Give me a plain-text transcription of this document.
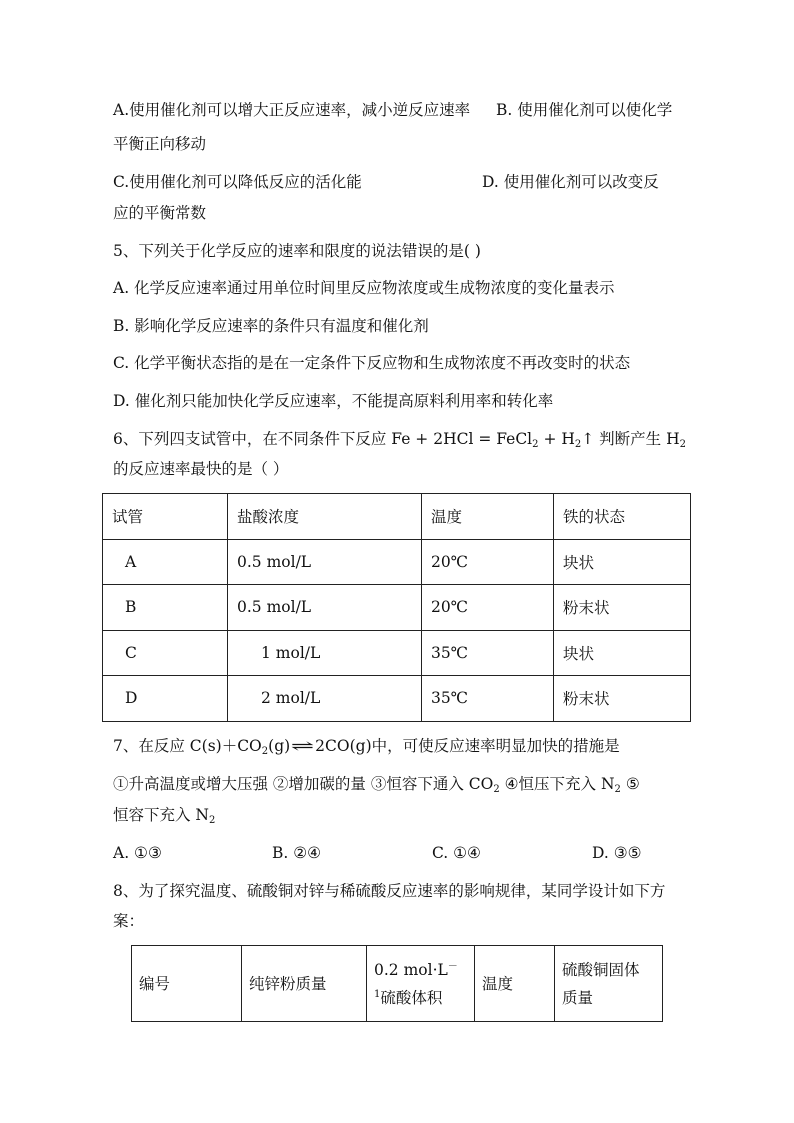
A.使用催化剂可以增大正反应速率，减小逆反应速率 B. 使用催化剂可以使化学
平衡正向移动
C.使用催化剂可以降低反应的活化能	D. 使用催化剂可以改变反
应的平衡常数
5、下列关于化学反应的速率和限度的说法错误的是( )
A. 化学反应速率通过用单位时间里反应物浓度或生成物浓度的变化量表示
B. 影响化学反应速率的条件只有温度和催化剂
C. 化学平衡状态指的是在一定条件下反应物和生成物浓度不再改变时的状态
D. 催化剂只能加快化学反应速率，不能提高原料利用率和转化率
6、下列四支试管中，在不同条件下反应 Fe + 2HCl = FeCl$_2$ + $H_2↑$ 判断产生 $H_2$
的反应速率最快的是（ ）
试管	盐酸浓度	温度	铁的状态
A	0.5 mol/L	20℃	块状
B	0.5 mol/L	20℃	粉末状
C	1 mol/L	35℃	块状
D	2 mol/L	35℃	粉末状
7、在反应 $C(s)+CO_2(g)\rightleftharpoons 2CO(g)$中，可使反应速率明显加快的措施是
①升高温度或增大压强 ②增加碳的量 ③恒容下通入 $CO_2$ ④恒压下充入 $N_2$ ⑤
恒容下充入 $N_2$
A. ①③	B. ②④	C. ①④	D. ③⑤
8、为了探究温度、硫酸铜对锌与稀硫酸反应速率的影响规律，某同学设计如下方
案：
编号	纯锌粉质量	0.2 mol·L－
$^1$硫酸体积	温度	硫酸铜固体
质量
